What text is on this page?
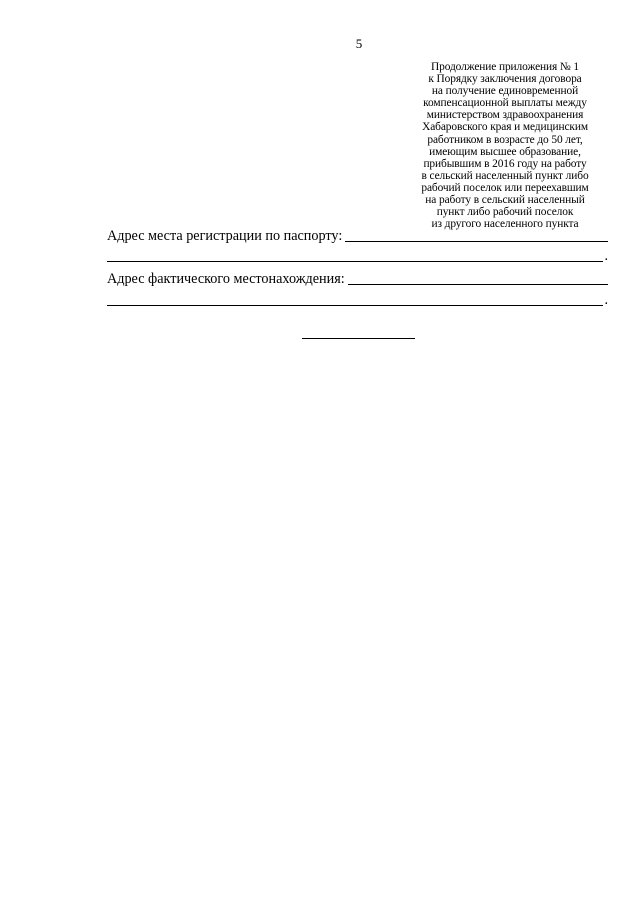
5
Продолжение приложения № 1
к Порядку заключения договора
на получение единовременной
компенсационной выплаты между
министерством здравоохранения
Хабаровского края и медицинским
работником в возрасте до 50 лет,
имеющим высшее образование,
прибывшим в 2016 году на работу
в сельский населенный пункт либо
рабочий поселок или переехавшим
на работу в сельский населенный
пункт либо рабочий поселок
из другого населенного пункта
Адрес места регистрации по паспорту:
.
Адрес фактического местонахождения:
.
